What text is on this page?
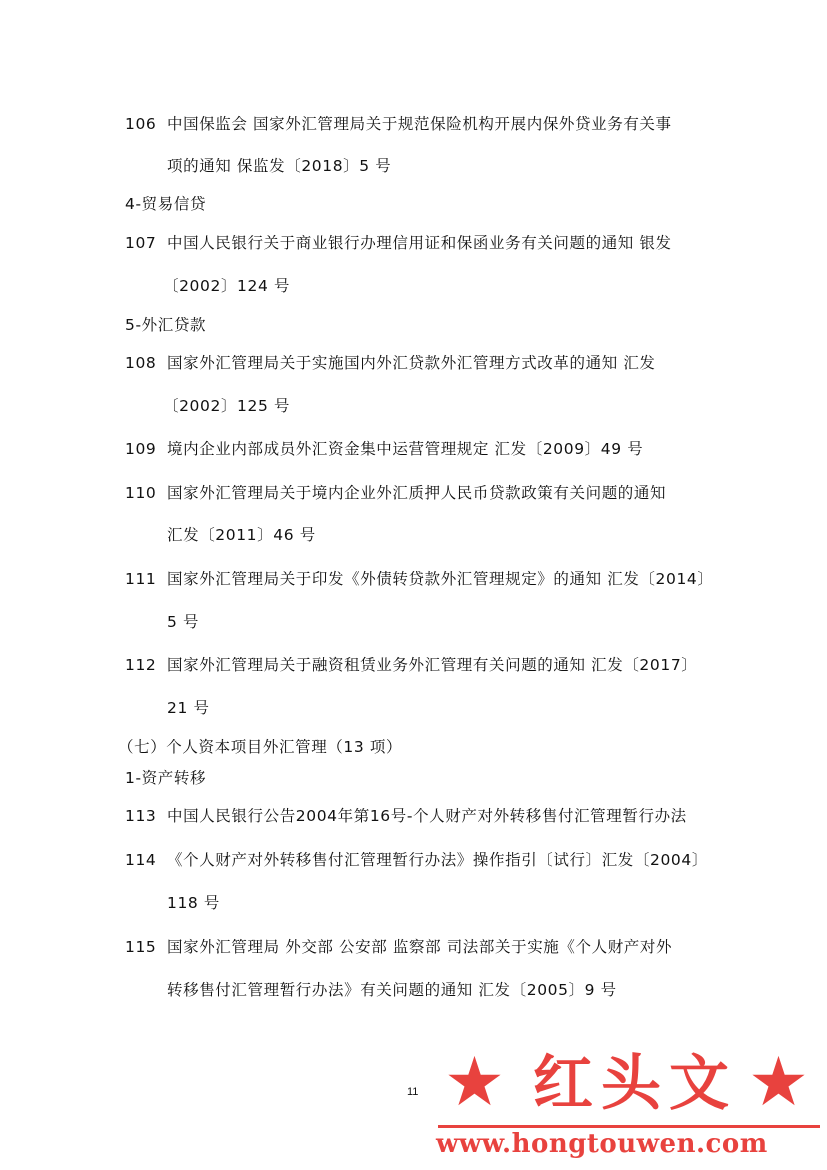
106 中国保监会 国家外汇管理局关于规范保险机构开展内保外贷业务有关事
项的通知 保监发〔2018〕5 号
4-贸易信贷
107 中国人民银行关于商业银行办理信用证和保函业务有关问题的通知 银发
〔2002〕124 号
5-外汇贷款
108 国家外汇管理局关于实施国内外汇贷款外汇管理方式改革的通知 汇发
〔2002〕125 号
109 境内企业内部成员外汇资金集中运营管理规定 汇发〔2009〕49 号
110 国家外汇管理局关于境内企业外汇质押人民币贷款政策有关问题的通知
汇发〔2011〕46 号
111 国家外汇管理局关于印发《外债转贷款外汇管理规定》的通知 汇发〔2014〕
5 号
112 国家外汇管理局关于融资租赁业务外汇管理有关问题的通知 汇发〔2017〕
21 号
（七）个人资本项目外汇管理（13 项）
1-资产转移
113 中国人民银行公告2004年第16号-个人财产对外转移售付汇管理暂行办法
114 《个人财产对外转移售付汇管理暂行办法》操作指引〔试行〕汇发〔2004〕
118 号
115 国家外汇管理局 外交部 公安部 监察部 司法部关于实施《个人财产对外
转移售付汇管理暂行办法》有关问题的通知 汇发〔2005〕9 号
11 ★ 红头文 ★
www.hongtouwen.com
